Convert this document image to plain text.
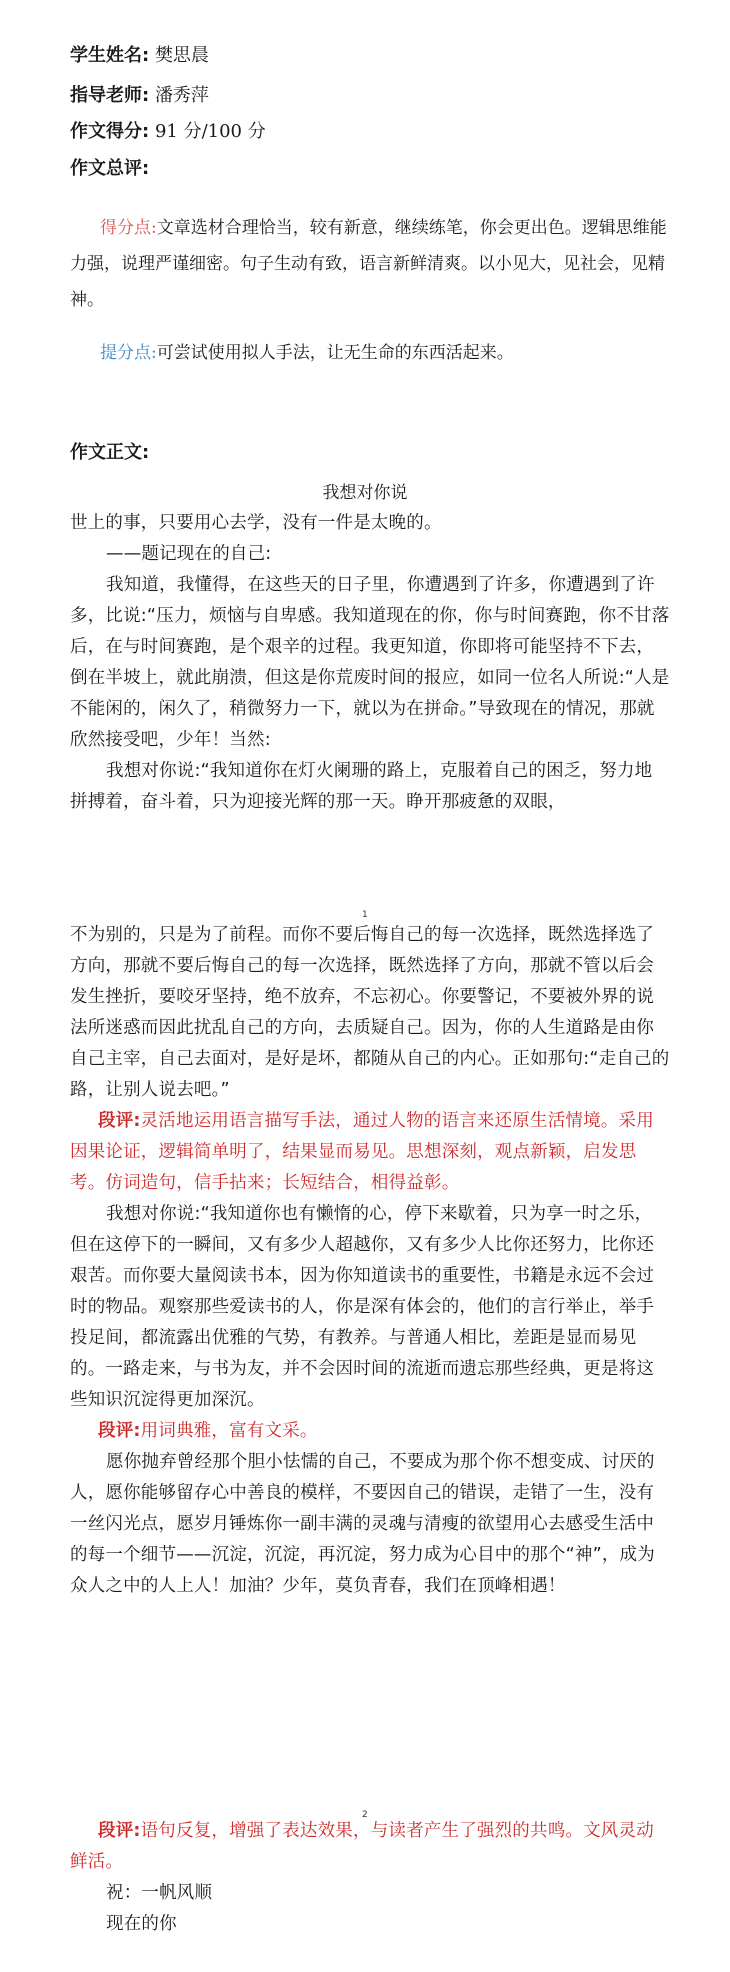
学生姓名: 樊思晨
指导老师: 潘秀萍
作文得分: 91 分/100 分
作文总评:
得分点:文章选材合理恰当，较有新意，继续练笔，你会更出色。逻辑思维能力强，说理严谨细密。句子生动有致，语言新鲜清爽。以小见大，见社会，见精神。
提分点:可尝试使用拟人手法，让无生命的东西活起来。
作文正文:
我想对你说

世上的事，只要用心去学，没有一件是太晚的。

——题记现在的自己:

我知道，我懂得，在这些天的日子里，你遭遇到了许多，你遭遇到了许多，比说:“压力，烦恼与自卑感。我知道现在的你，你与时间赛跑，你不甘落后，在与时间赛跑，是个艰辛的过程。我更知道，你即将可能坚持不下去，倒在半坡上，就此崩溃，但这是你荒废时间的报应，如同一位名人所说:“人是不能闲的，闲久了，稍微努力一下，就以为在拼命。”导致现在的情况，那就欣然接受吧，少年！当然:

我想对你说:“我知道你在灯火阑珊的路上，克服着自己的困乏，努力地拼搏着，奋斗着，只为迎接光辉的那一天。睁开那疲惫的双眼，

1

不为别的，只是为了前程。而你不要后悔自己的每一次选择，既然选择选了方向，那就不要后悔自己的每一次选择，既然选择了方向，那就不管以后会发生挫折，要咬牙坚持，绝不放弃，不忘初心。你要警记，不要被外界的说法所迷惑而因此扰乱自己的方向，去质疑自己。因为，你的人生道路是由你自己主宰，自己去面对，是好是坏，都随从自己的内心。正如那句:“走自己的路，让别人说去吧。”

段评:灵活地运用语言描写手法，通过人物的语言来还原生活情境。采用因果论证，逻辑简单明了，结果显而易见。思想深刻，观点新颖，启发思考。仿词造句，信手拈来；长短结合，相得益彰。

我想对你说:“我知道你也有懒惰的心，停下来歇着，只为享一时之乐，但在这停下的一瞬间，又有多少人超越你，又有多少人比你还努力，比你还艰苦。而你要大量阅读书本，因为你知道读书的重要性，书籍是永远不会过时的物品。观察那些爱读书的人，你是深有体会的，他们的言行举止，举手投足间，都流露出优雅的气势，有教养。与普通人相比，差距是显而易见的。一路走来，与书为友，并不会因时间的流逝而遗忘那些经典，更是将这些知识沉淀得更加深沉。

段评:用词典雅，富有文采。

愿你抛弃曾经那个胆小怯懦的自己，不要成为那个你不想变成、讨厌的人，愿你能够留存心中善良的模样，不要因自己的错误，走错了一生，没有一丝闪光点，愿岁月锤炼你一副丰满的灵魂与清瘦的欲望用心去感受生活中的每一个细节——沉淀，沉淀，再沉淀，努力成为心目中的那个“神”，成为众人之中的人上人！加油？少年，莫负青春，我们在顶峰相遇！

2

段评:语句反复，增强了表达效果，与读者产生了强烈的共鸣。文风灵动鲜活。

祝：一帆风顺

现在的你
